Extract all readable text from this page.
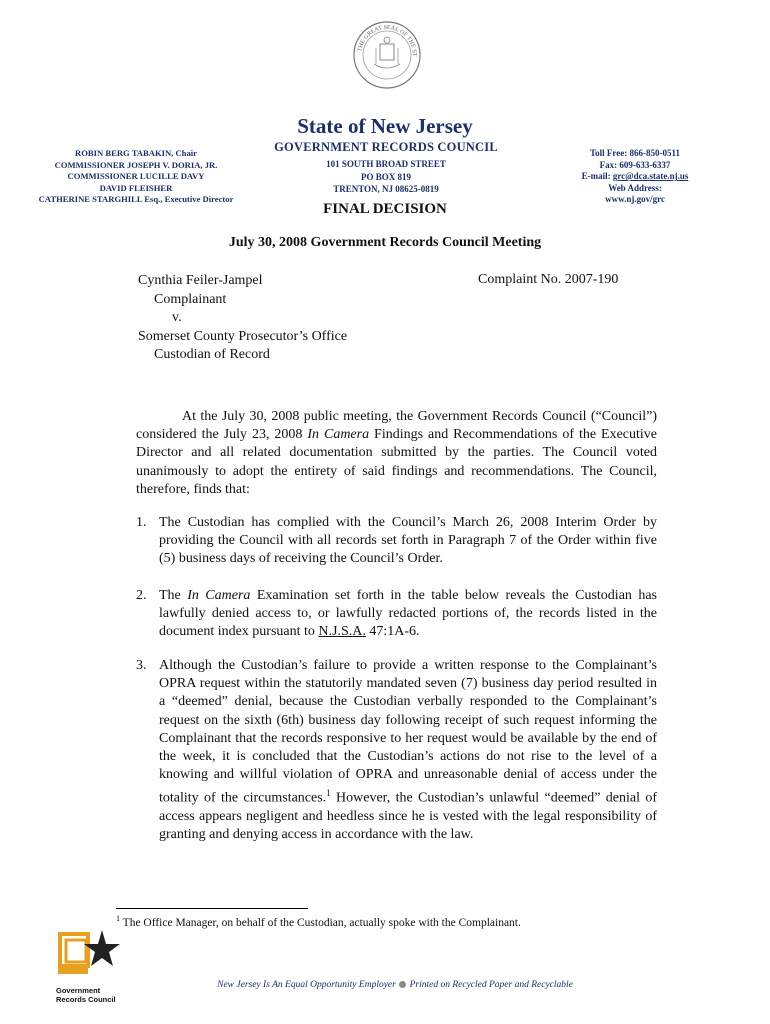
THE GREAT SEAL OF THE ST
State of New Jersey
ROBIN BERG TABAKIN, Chair
COMMISSIONER JOSEPH V. DORIA, JR.
COMMISSIONER LUCILLE DAVY
DAVID FLEISHER
CATHERINE STARGHILL Esq., Executive Director
GOVERNMENT RECORDS COUNCIL
101 SOUTH BROAD STREET
PO BOX 819
TRENTON, NJ 08625-0819
Toll Free: 866-850-0511
Fax: 609-633-6337
E-mail: grc@dca.state.nj.us
Web Address:
www.nj.gov/grc
FINAL DECISION
July 30, 2008 Government Records Council Meeting
Cynthia Feiler-Jampel
Complainant
v.
Somerset County Prosecutor’s Office
Custodian of Record
Complaint No. 2007-190
At the July 30, 2008 public meeting, the Government Records Council (“Council”) considered the July 23, 2008 In Camera Findings and Recommendations of the Executive Director and all related documentation submitted by the parties. The Council voted unanimously to adopt the entirety of said findings and recommendations. The Council, therefore, finds that:
1. The Custodian has complied with the Council’s March 26, 2008 Interim Order by providing the Council with all records set forth in Paragraph 7 of the Order within five (5) business days of receiving the Council’s Order.
2. The In Camera Examination set forth in the table below reveals the Custodian has lawfully denied access to, or lawfully redacted portions of, the records listed in the document index pursuant to N.J.S.A. 47:1A-6.
3. Although the Custodian’s failure to provide a written response to the Complainant’s OPRA request within the statutorily mandated seven (7) business day period resulted in a “deemed” denial, because the Custodian verbally responded to the Complainant’s request on the sixth (6th) business day following receipt of such request informing the Complainant that the records responsive to her request would be available by the end of the week, it is concluded that the Custodian’s actions do not rise to the level of a knowing and willful violation of OPRA and unreasonable denial of access under the totality of the circumstances.$^1$ However, the Custodian’s unlawful “deemed” denial of access appears negligent and heedless since he is vested with the legal responsibility of granting and denying access in accordance with the law.
$^1$ The Office Manager, on behalf of the Custodian, actually spoke with the Complainant.
Government
Records Council
New Jersey Is An Equal Opportunity Employer  Printed on Recycled Paper and Recyclable
